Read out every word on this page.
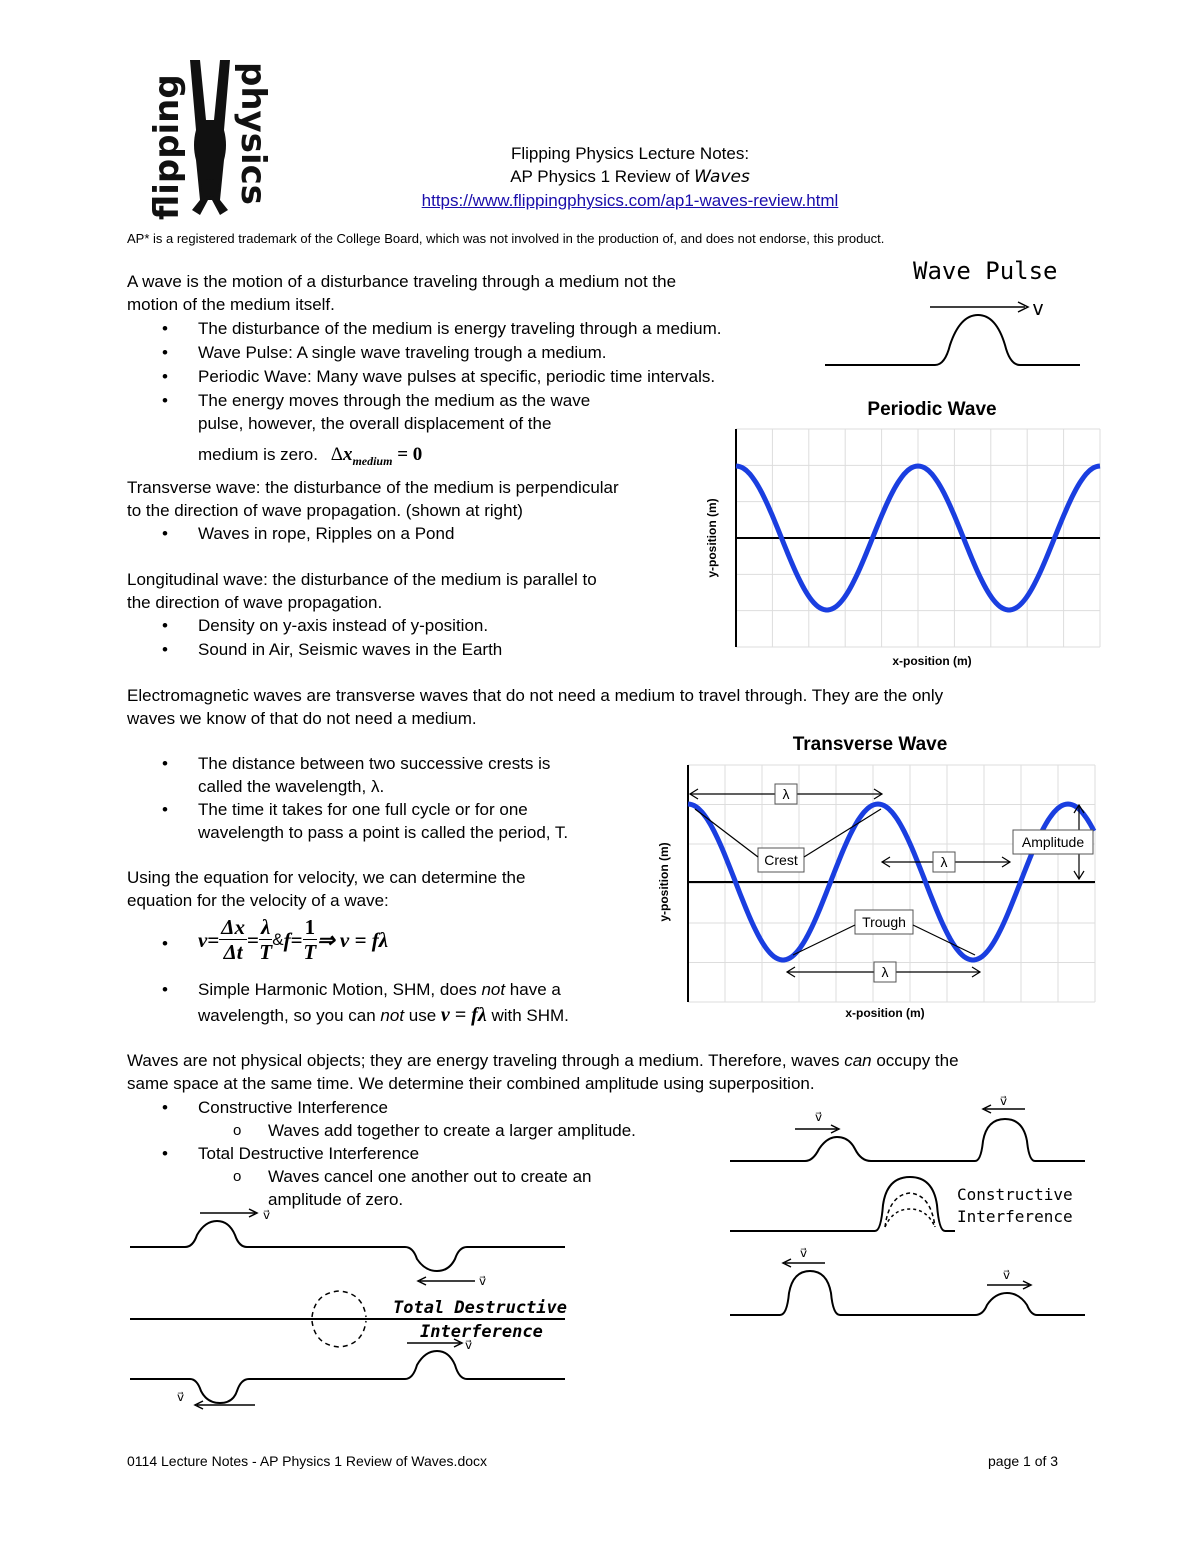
flipping physics	Flipping Physics Lecture Notes:
AP Physics 1 Review of Waves
https://www.flippingphysics.com/ap1-waves-review.html
AP* is a registered trademark of the College Board, which was not involved in the production of, and does not endorse, this product.
A wave is the motion of a disturbance traveling through a medium not the
motion of the medium itself.
• The disturbance of the medium is energy traveling through a medium.
• Wave Pulse: A single wave traveling trough a medium.
• Periodic Wave: Many wave pulses at specific, periodic time intervals.
• The energy moves through the medium as the wave
pulse, however, the overall displacement of the
medium is zero. $\Delta x_{medium} = 0$
Transverse wave: the disturbance of the medium is perpendicular
to the direction of wave propagation. (shown at right)
• Waves in rope, Ripples on a Pond
Longitudinal wave: the disturbance of the medium is parallel to
the direction of wave propagation.
• Density on y-axis instead of y-position.
• Sound in Air, Seismic waves in the Earth
Electromagnetic waves are transverse waves that do not need a medium to travel through. They are the only
waves we know of that do not need a medium.
• The distance between two successive crests is
called the wavelength, λ.
• The time it takes for one full cycle or for one
wavelength to pass a point is called the period, T.
Using the equation for velocity, we can determine the
equation for the velocity of a wave:
• $v= \frac{\Delta x}{\Delta t} = \frac{\lambda}{T}$ &f= $\frac{1}{T}$ ⇒ v = fλ
• Simple Harmonic Motion, SHM, does not have a
wavelength, so you can not use v = fλ with SHM.
Waves are not physical objects; they are energy traveling through a medium. Therefore, waves can occupy the
same space at the same time. We determine their combined amplitude using superposition.
• Constructive Interference
o Waves add together to create a larger amplitude.
• Total Destructive Interference
o Waves cancel one another out to create an
amplitude of zero.
Wave Pulse
v
Periodic Wave
y-position (m)
x-position (m)
Transverse Wave
λ
Crest	λ
Amplitude
Trough
λ
y-position (m)
x-position (m)
v⃗
v⃗
v⃗
v⃗
Constructive
Interference
v⃗
v⃗
v⃗
v⃗
Total Destructive
Interference
0114 Lecture Notes - AP Physics 1 Review of Waves.docx	page 1 of 3
